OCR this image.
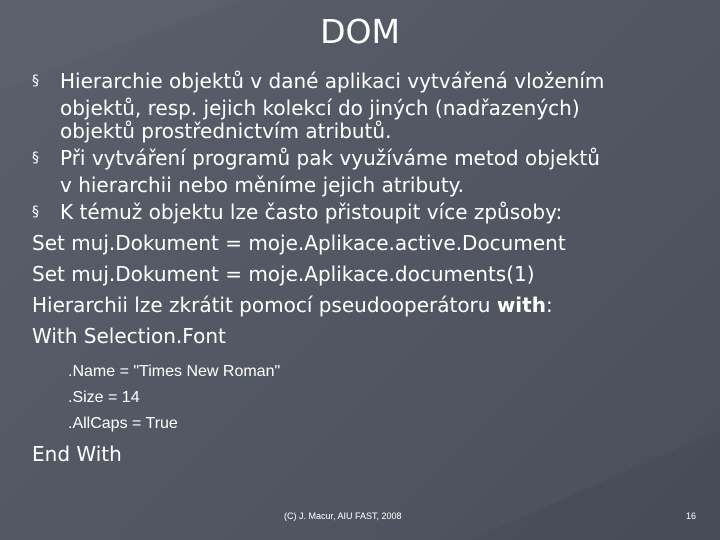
DOM
§ Hierarchie objektů v dané aplikaci vytvářená vložením
objektů, resp. jejich kolekcí do jiných (nadřazených)
objektů prostřednictvím atributů.
§ Při vytváření programů pak využíváme metod objektů
v hierarchii nebo měníme jejich atributy.
§ K témuž objektu lze často přistoupit více způsoby:
Set muj.Dokument = moje.Aplikace.active.Document
Set muj.Dokument = moje.Aplikace.documents(1)
Hierarchii lze zkrátit pomocí pseudooperátoru with:
With Selection.Font
.Name = "Times New Roman"
.Size = 14
.AllCaps = True
End With
(C) J. Macur, AIU FAST, 2008	16
